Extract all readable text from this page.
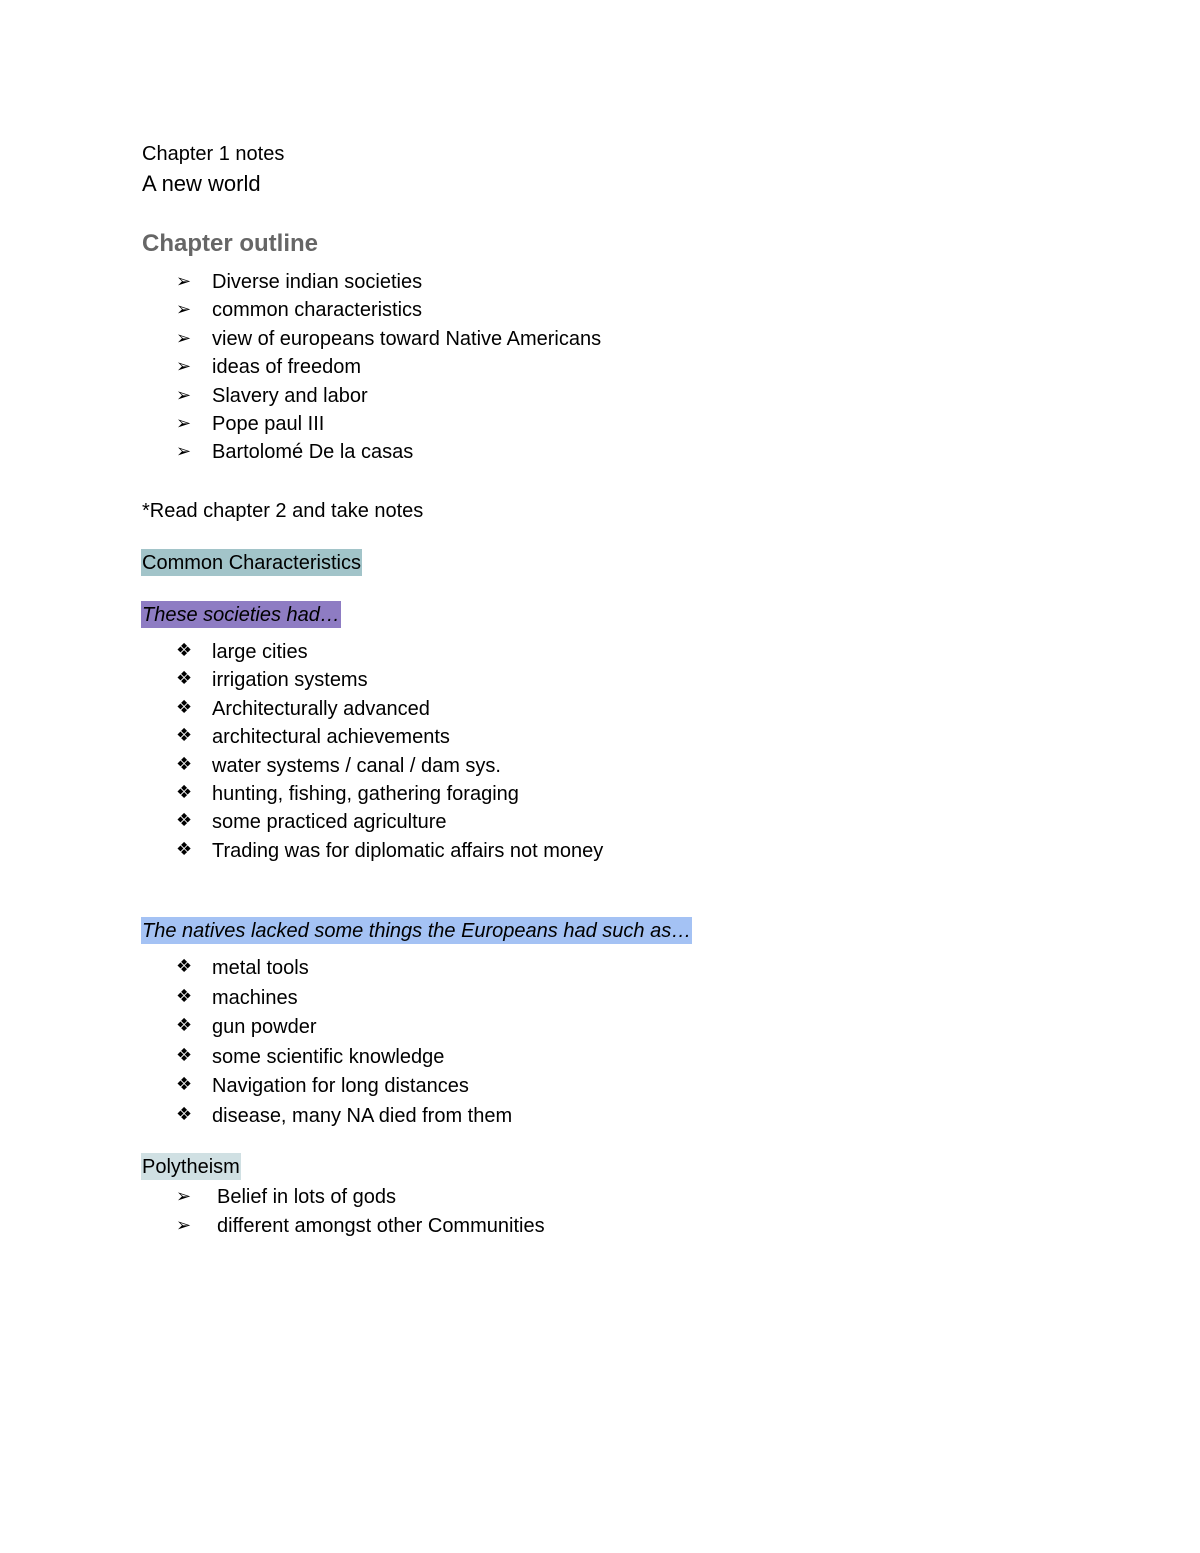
Chapter 1 notes
A new world
Chapter outline
➢ Diverse indian societies
➢ common characteristics
➢ view of europeans toward Native Americans
➢ ideas of freedom
➢ Slavery and labor
➢ Pope paul III
➢ Bartolomé De la casas
*Read chapter 2 and take notes
Common Characteristics
These societies had…
❖ large cities
❖ irrigation systems
❖ Architecturally advanced
❖ architectural achievements
❖ water systems / canal / dam sys.
❖ hunting, fishing, gathering foraging
❖ some practiced agriculture
❖ Trading was for diplomatic affairs not money
The natives lacked some things the Europeans had such as…
❖ metal tools
❖ machines
❖ gun powder
❖ some scientific knowledge
❖ Navigation for long distances
❖ disease, many NA died from them
Polytheism
➢ Belief in lots of gods
➢ different amongst other Communities
